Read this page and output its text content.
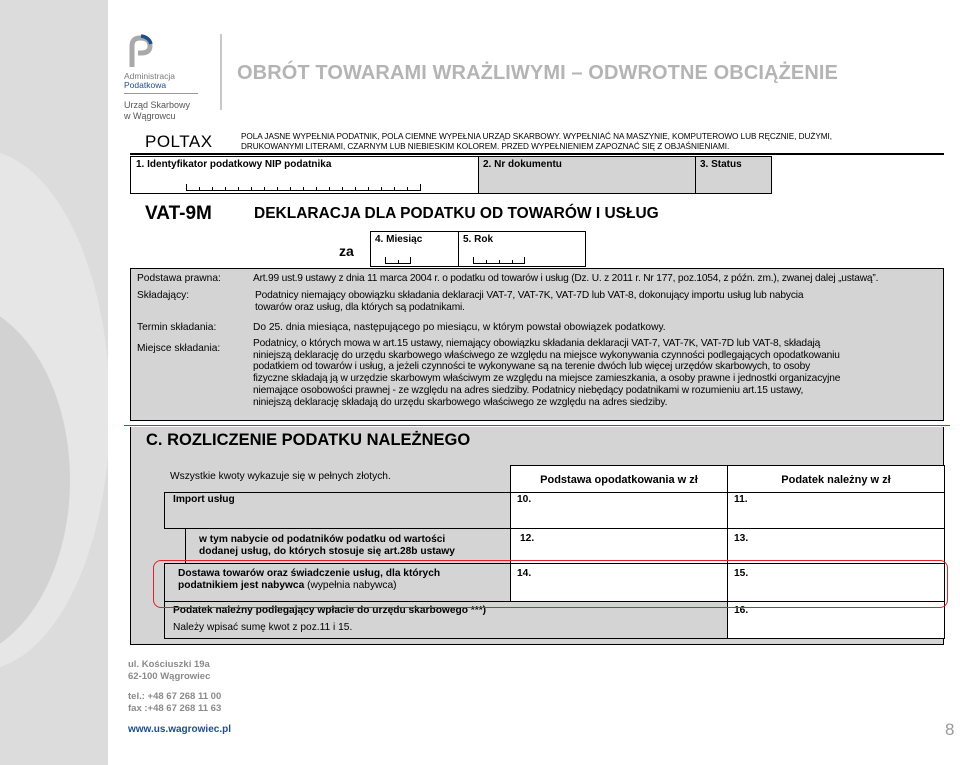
Administracja
Podatkowa
Urząd Skarbowy
w Wągrowcu
OBRÓT TOWARAMI WRAŻLIWYMI – ODWROTNE OBCIĄŻENIE
POLTAX	POLA JASNE WYPEŁNIA PODATNIK, POLA CIEMNE WYPEŁNIA URZĄD SKARBOWY. WYPEŁNIAĆ NA MASZYNIE, KOMPUTEROWO LUB RĘCZNIE, DUŻYMI,
DRUKOWANYMI LITERAMI, CZARNYM LUB NIEBIESKIM KOLOREM. PRZED WYPEŁNIENIEM ZAPOZNAĆ SIĘ Z OBJAŚNIENIAMI.
1. Identyfikator podatkowy NIP podatnika	2. Nr dokumentu	3. Status
VAT-9M	DEKLARACJA DLA PODATKU OD TOWARÓW I USŁUG
za
4. Miesiąc	5. Rok
Podstawa prawna:	Art.99 ust.9 ustawy z dnia 11 marca 2004 r. o podatku od towarów i usług (Dz. U. z 2011 r. Nr 177, poz.1054, z późn. zm.), zwanej dalej „ustawą”.
Składający:	Podatnicy niemający obowiązku składania deklaracji VAT-7, VAT-7K, VAT-7D lub VAT-8, dokonujący importu usług lub nabycia
towarów oraz usług, dla których są podatnikami.
Termin składania:	Do 25. dnia miesiąca, następującego po miesiącu, w którym powstał obowiązek podatkowy.
Miejsce składania:	Podatnicy, o których mowa w art.15 ustawy, niemający obowiązku składania deklaracji VAT-7, VAT-7K, VAT-7D lub VAT-8, składają
niniejszą deklarację do urzędu skarbowego właściwego ze względu na miejsce wykonywania czynności podlegających opodatkowaniu
podatkiem od towarów i usług, a jeżeli czynności te wykonywane są na terenie dwóch lub więcej urzędów skarbowych, to osoby
fizyczne składają ją w urzędzie skarbowym właściwym ze względu na miejsce zamieszkania, a osoby prawne i jednostki organizacyjne
niemające osobowości prawnej - ze względu na adres siedziby. Podatnicy niebędący podatnikami w rozumieniu art.15 ustawy,
niniejszą deklarację składają do urzędu skarbowego właściwego ze względu na adres siedziby.
C. ROZLICZENIE PODATKU NALEŻNEGO
Wszystkie kwoty wykazuje się w pełnych złotych.	Podstawa opodatkowania w zł	Podatek należny w zł
Import usług	10.	11.
w tym nabycie od podatników podatku od wartości
dodanej usług, do których stosuje się art.28b ustawy
12.	13.
Dostawa towarów oraz świadczenie usług, dla których
podatnikiem jest nabywca (wypełnia nabywca)
14.	15.
Podatek należny podlegający wpłacie do urzędu skarbowego ***)
Należy wpisać sumę kwot z poz.11 i 15.
16.
ul. Kościuszki 19a
62-100 Wągrowiec
tel.: +48 67 268 11 00
fax :+48 67 268 11 63
www.us.wagrowiec.pl	8
